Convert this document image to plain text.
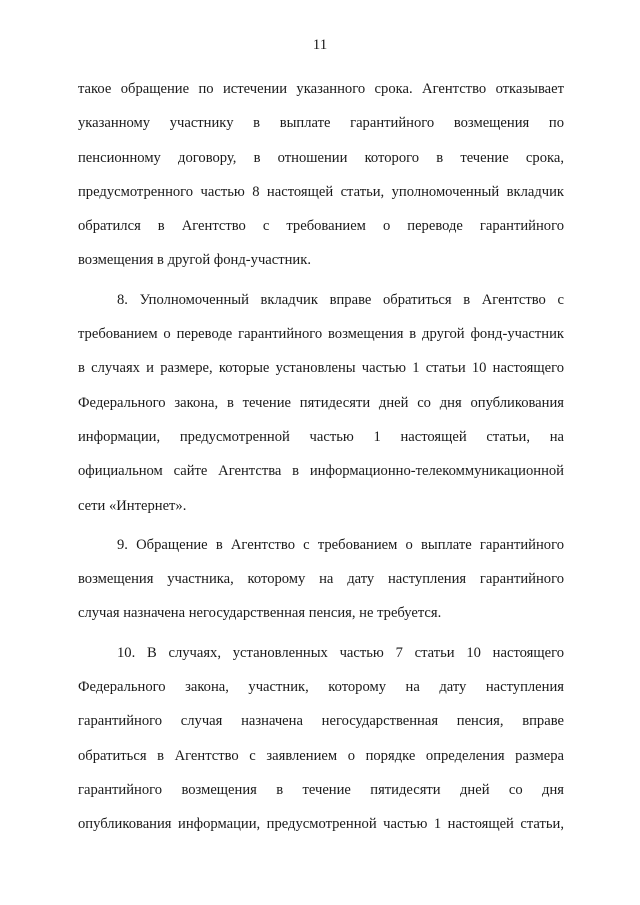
11
такое обращение по истечении указанного срока. Агентство отказывает
указанному участнику в выплате гарантийного возмещения по
пенсионному договору, в отношении которого в течение срока,
предусмотренного частью 8 настоящей статьи, уполномоченный вкладчик
обратился в Агентство с требованием о переводе гарантийного
возмещения в другой фонд-участник.
8. Уполномоченный вкладчик вправе обратиться в Агентство с
требованием о переводе гарантийного возмещения в другой фонд-участник
в случаях и размере, которые установлены частью 1 статьи 10 настоящего
Федерального закона, в течение пятидесяти дней со дня опубликования
информации, предусмотренной частью 1 настоящей статьи, на
официальном сайте Агентства в информационно-телекоммуникационной
сети «Интернет».
9. Обращение в Агентство с требованием о выплате гарантийного
возмещения участника, которому на дату наступления гарантийного
случая назначена негосударственная пенсия, не требуется.
10. В случаях, установленных частью 7 статьи 10 настоящего
Федерального закона, участник, которому на дату наступления
гарантийного случая назначена негосударственная пенсия, вправе
обратиться в Агентство с заявлением о порядке определения размера
гарантийного возмещения в течение пятидесяти дней со дня
опубликования информации, предусмотренной частью 1 настоящей статьи,
